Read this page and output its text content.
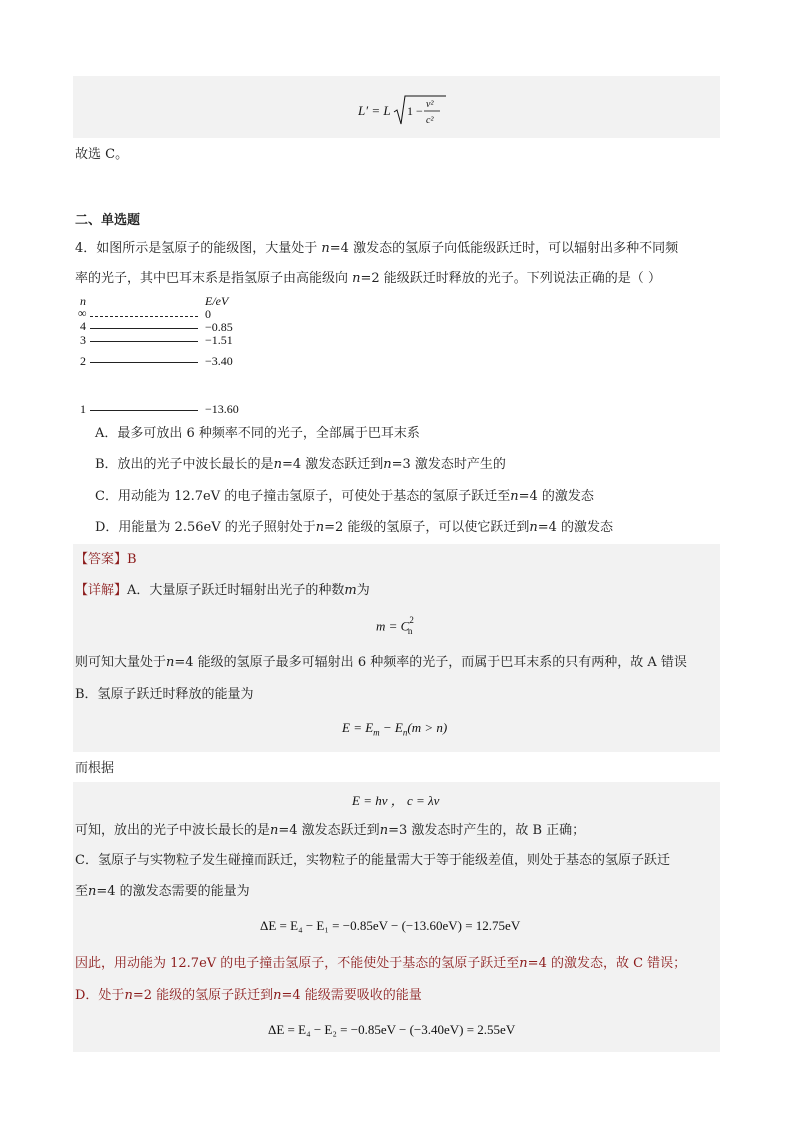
L′ = L 1 − v²
c²
故选 C。
二、单选题
4．如图所示是氢原子的能级图，大量处于 n=4 激发态的氢原子向低能级跃迁时，可以辐射出多种不同频
率的光子，其中巴耳末系是指氢原子由高能级向 n=2 能级跃迁时释放的光子。下列说法正确的是（ ）
n	E/eV
∞	0
4	−0.85
3	−1.51
2	−3.40
1	−13.60
A．最多可放出 6 种频率不同的光子，全部属于巴耳末系
B．放出的光子中波长最长的是n=4 激发态跃迁到n=3 激发态时产生的
C．用动能为 12.7eV 的电子撞击氢原子，可使处于基态的氢原子跃迁至n=4 的激发态
D．用能量为 2.56eV 的光子照射处于n=2 能级的氢原子，可以使它跃迁到n=4 的激发态
【答案】B
【详解】A．大量原子跃迁时辐射出光子的种数m为
$m = C^2_n$
则可知大量处于n=4 能级的氢原子最多可辐射出 6 种频率的光子，而属于巴耳末系的只有两种，故 A 错误
B．氢原子跃迁时释放的能量为
$E = E_m - E_n(m > n)$
而根据
E = hν ， c = λν
可知，放出的光子中波长最长的是n=4 激发态跃迁到n=3 激发态时产生的，故 B 正确；
C．氢原子与实物粒子发生碰撞而跃迁，实物粒子的能量需大于等于能级差值，则处于基态的氢原子跃迁
至n=4 的激发态需要的能量为
ΔE = E₄ − E₁ = −0.85eV − (−13.60eV) = 12.75eV
因此，用动能为 12.7eV 的电子撞击氢原子，不能使处于基态的氢原子跃迁至n=4 的激发态，故 C 错误；
D．处于n=2 能级的氢原子跃迁到n=4 能级需要吸收的能量
ΔE = E₄ − E₂ = −0.85eV − (−3.40eV) = 2.55eV
